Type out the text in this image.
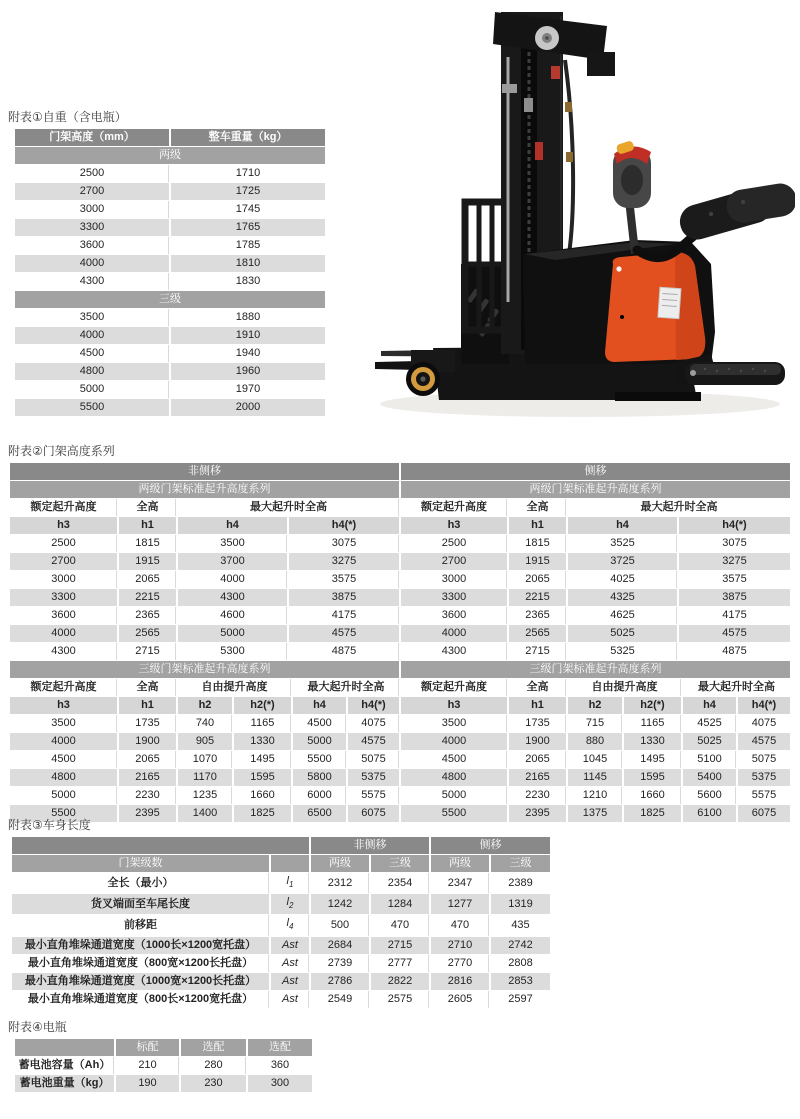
附表①自重（含电瓶）
门架高度（mm）	整车重量（kg）
两级	
2500	1710
2700	1725
3000	1745
3300	1765
3600	1785
4000	1810
4300	1830
三级	
3500	1880
4000	1910
4500	1940
4800	1960
5000	1970
5500	2000
附表②门架高度系列
非侧移				侧移			
两级门架标准起升高度系列				两级门架标准起升高度系列			
额定起升高度	全高	最大起升时全高		额定起升高度	全高	最大起升时全高	
h3	h1	h4	h4(*)	h3	h1	h4	h4(*)
2500	1815	3500	3075	2500	1815	3525	3075
2700	1915	3700	3275	2700	1915	3725	3275
3000	2065	4000	3575	3000	2065	4025	3575
3300	2215	4300	3875	3300	2215	4325	3875
3600	2365	4600	4175	3600	2365	4625	4175
4000	2565	5000	4575	4000	2565	5025	4575
4300	2715	5300	4875	4300	2715	5325	4875
三级门架标准起升高度系列						三级门架标准起升高度系列					
额定起升高度	全高	自由提升高度		最大起升时全高		额定起升高度	全高	自由提升高度		最大起升时全高	
h3	h1	h2	h2(*)	h4	h4(*)	h3	h1	h2	h2(*)	h4	h4(*)
3500	1735	740	1165	4500	4075	3500	1735	715	1165	4525	4075
4000	1900	905	1330	5000	4575	4000	1900	880	1330	5025	4575
4500	2065	1070	1495	5500	5075	4500	2065	1045	1495	5100	5075
4800	2165	1170	1595	5800	5375	4800	2165	1145	1595	5400	5375
5000	2230	1235	1660	6000	5575	5000	2230	1210	1660	5600	5575
5500	2395	1400	1825	6500	6075	5500	2395	1375	1825	6100	6075
附表③车身长度
		非侧移		侧移	
门架级数		两级	三级	两级	三级
全长（最小）	$l_1$	2312	2354	2347	2389
货叉端面至车尾长度	$l_2$	1242	1284	1277	1319
前移距	$l_4$	500	470	470	435
最小直角堆垛通道宽度（1000长×1200宽托盘）	Ast	2684	2715	2710	2742
最小直角堆垛通道宽度（800宽×1200长托盘）	Ast	2739	2777	2770	2808
最小直角堆垛通道宽度（1000宽×1200长托盘）	Ast	2786	2822	2816	2853
最小直角堆垛通道宽度（800长×1200宽托盘）	Ast	2549	2575	2605	2597
附表④电瓶
	标配	选配	选配
蓄电池容量（Ah）	210	280	360
蓄电池重量（kg）	190	230	300
